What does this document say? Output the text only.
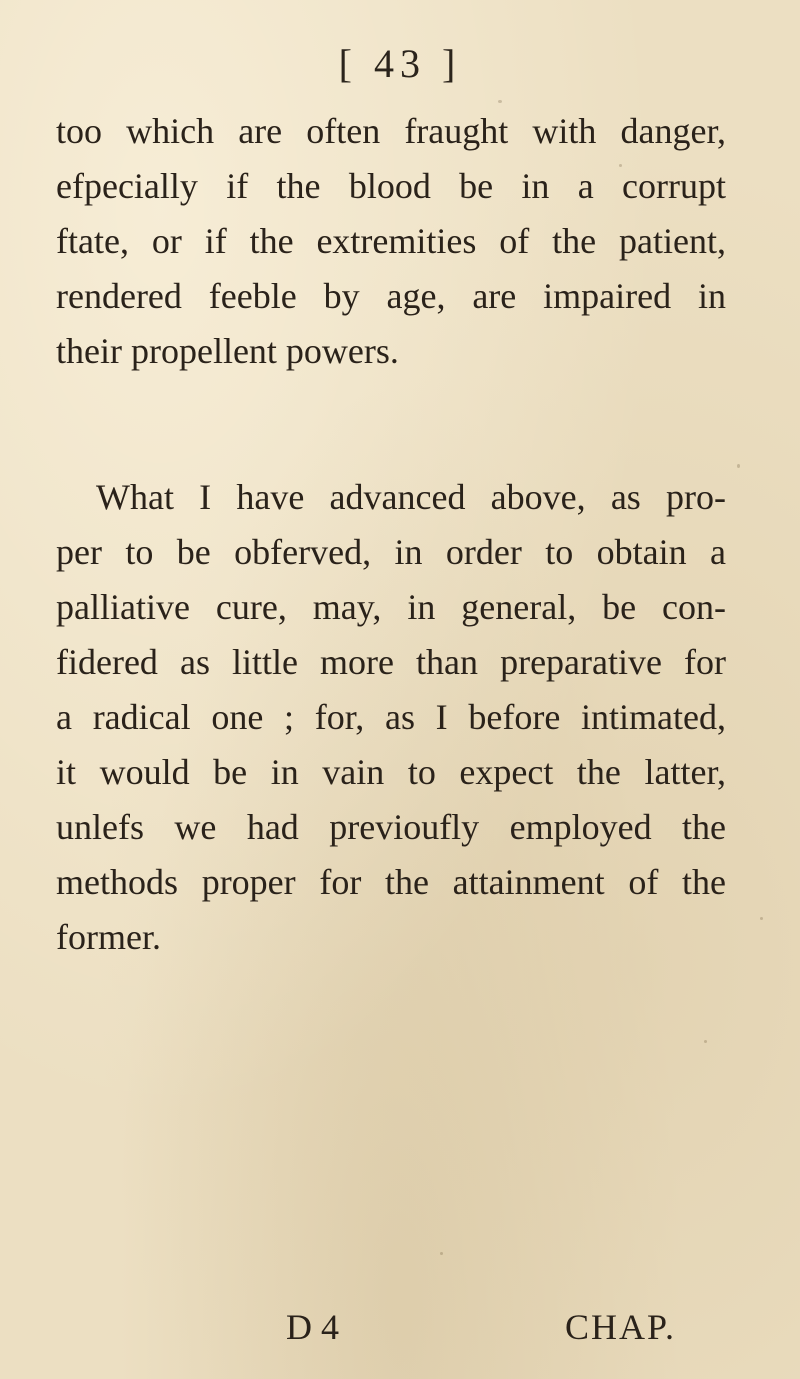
[ 43 ]
too which are often fraught with danger,
efpecially if the blood be in a corrupt
ftate, or if the extremities of the patient,
rendered feeble by age, are impaired in
their propellent powers.
What I have advanced above, as pro-
per to be obferved, in order to obtain a
palliative cure, may, in general, be con-
fidered as little more than preparative for
a radical one ; for, as I before intimated,
it would be in vain to expect the latter,
unlefs we had previoufly employed the
methods proper for the attainment of the
former.
D 4	CHAP.
